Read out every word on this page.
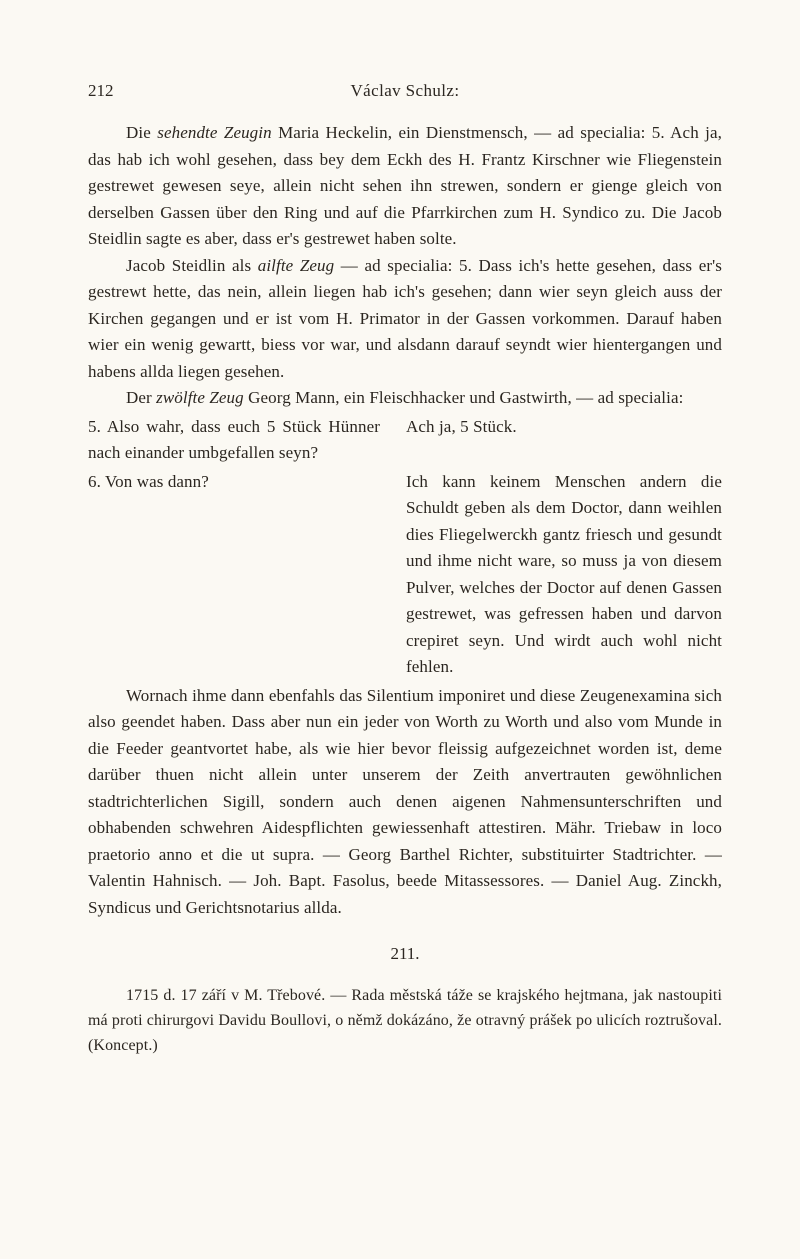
212	Václav Schulz:

Die sehendte Zeugin Maria Heckelin, ein Dienstmensch, — ad specialia: 5. Ach ja, das hab ich wohl gesehen, dass bey dem Eckh des H. Frantz Kirschner wie Fliegenstein gestrewet gewesen seye, allein nicht sehen ihn strewen, sondern er gienge gleich von derselben Gassen über den Ring und auf die Pfarrkirchen zum H. Syndico zu. Die Jacob Steidlin sagte es aber, dass er's gestrewet haben solte.

Jacob Steidlin als ailfte Zeug — ad specialia: 5. Dass ich's hette gesehen, dass er's gestrewt hette, das nein, allein liegen hab ich's gesehen; dann wier seyn gleich auss der Kirchen gegangen und er ist vom H. Primator in der Gassen vorkommen. Darauf haben wier ein wenig gewartt, biess vor war, und alsdann darauf seyndt wier hientergangen und habens allda liegen gesehen.

Der zwölfte Zeug Georg Mann, ein Fleischhacker und Gastwirth, — ad specialia:

5. Also wahr, dass euch 5 Stück Hünner nach einander umbgefallen seyn?
Ach ja, 5 Stück.
6. Von was dann?	Ich kann keinem Menschen andern die Schuldt geben als dem Doctor, dann weihlen dies Fliegelwerckh gantz friesch und gesundt und ihme nicht ware, so muss ja von diesem Pulver, welches der Doctor auf denen Gassen gestrewet, was gefressen haben und darvon crepiret seyn. Und wirdt auch wohl nicht fehlen.

Wornach ihme dann ebenfahls das Silentium imponiret und diese Zeugenexamina sich also geendet haben. Dass aber nun ein jeder von Worth zu Worth und also vom Munde in die Feeder geantvortet habe, als wie hier bevor fleissig aufgezeichnet worden ist, deme darüber thuen nicht allein unter unserem der Zeith anvertrauten gewöhnlichen stadtrichterlichen Sigill, sondern auch denen aigenen Nahmensunterschriften und obhabenden schwehren Aidespflichten gewiessenhaft attestiren. Mähr. Triebaw in loco praetorio anno et die ut supra. — Georg Barthel Richter, substituirter Stadtrichter. — Valentin Hahnisch. — Joh. Bapt. Fasolus, beede Mitassessores. — Daniel Aug. Zinckh, Syndicus und Gerichtsnotarius allda.

211.

1715 d. 17 září v M. Třebové. — Rada městská táže se krajského hejtmana, jak nastoupiti má proti chirurgovi Davidu Boullovi, o němž dokázáno, že otravný prášek po ulicích roztrušoval. (Koncept.)
